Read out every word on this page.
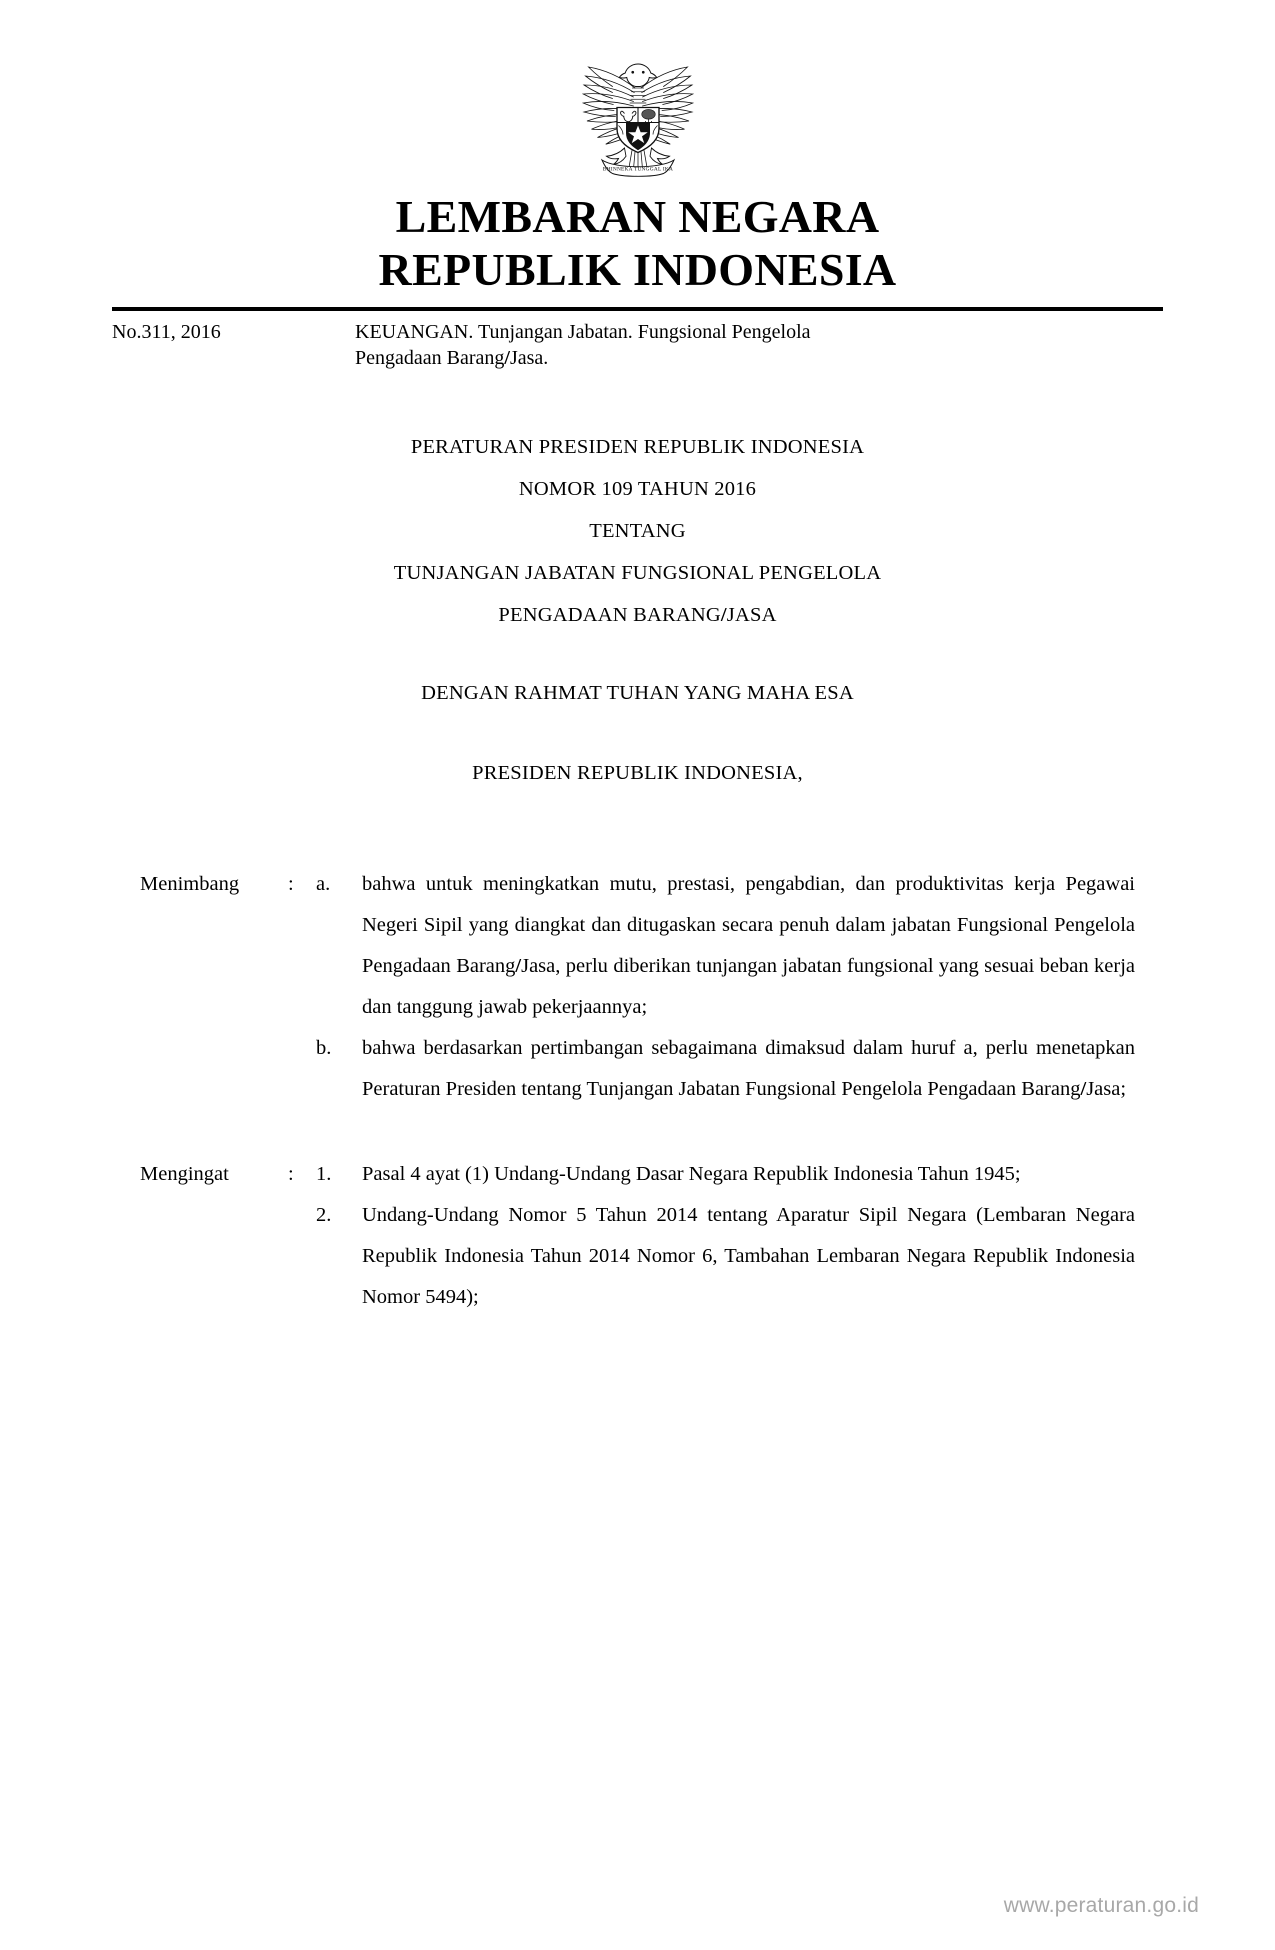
BHINNEKA TUNGGAL IKA
LEMBARAN NEGARA
REPUBLIK INDONESIA
No.311, 2016	KEUANGAN. Tunjangan Jabatan. Fungsional Pengelola
Pengadaan Barang/Jasa.
PERATURAN PRESIDEN REPUBLIK INDONESIA
NOMOR 109 TAHUN 2016
TENTANG
TUNJANGAN JABATAN FUNGSIONAL PENGELOLA
PENGADAAN BARANG/JASA
DENGAN RAHMAT TUHAN YANG MAHA ESA
PRESIDEN REPUBLIK INDONESIA,
Menimbang	:	a.	bahwa untuk meningkatkan mutu, prestasi, pengabdian, dan produktivitas kerja Pegawai Negeri Sipil yang diangkat dan ditugaskan secara penuh dalam jabatan Fungsional Pengelola Pengadaan Barang/Jasa, perlu diberikan tunjangan jabatan fungsional yang sesuai beban kerja dan tanggung jawab pekerjaannya;
b.	bahwa berdasarkan pertimbangan sebagaimana dimaksud dalam huruf a, perlu menetapkan Peraturan Presiden tentang Tunjangan Jabatan Fungsional Pengelola Pengadaan Barang/Jasa;
Mengingat	:	1.	Pasal 4 ayat (1) Undang-Undang Dasar Negara Republik Indonesia Tahun 1945;
2.	Undang-Undang Nomor 5 Tahun 2014 tentang Aparatur Sipil Negara (Lembaran Negara Republik Indonesia Tahun 2014 Nomor 6, Tambahan Lembaran Negara Republik Indonesia Nomor 5494);
www.peraturan.go.id
